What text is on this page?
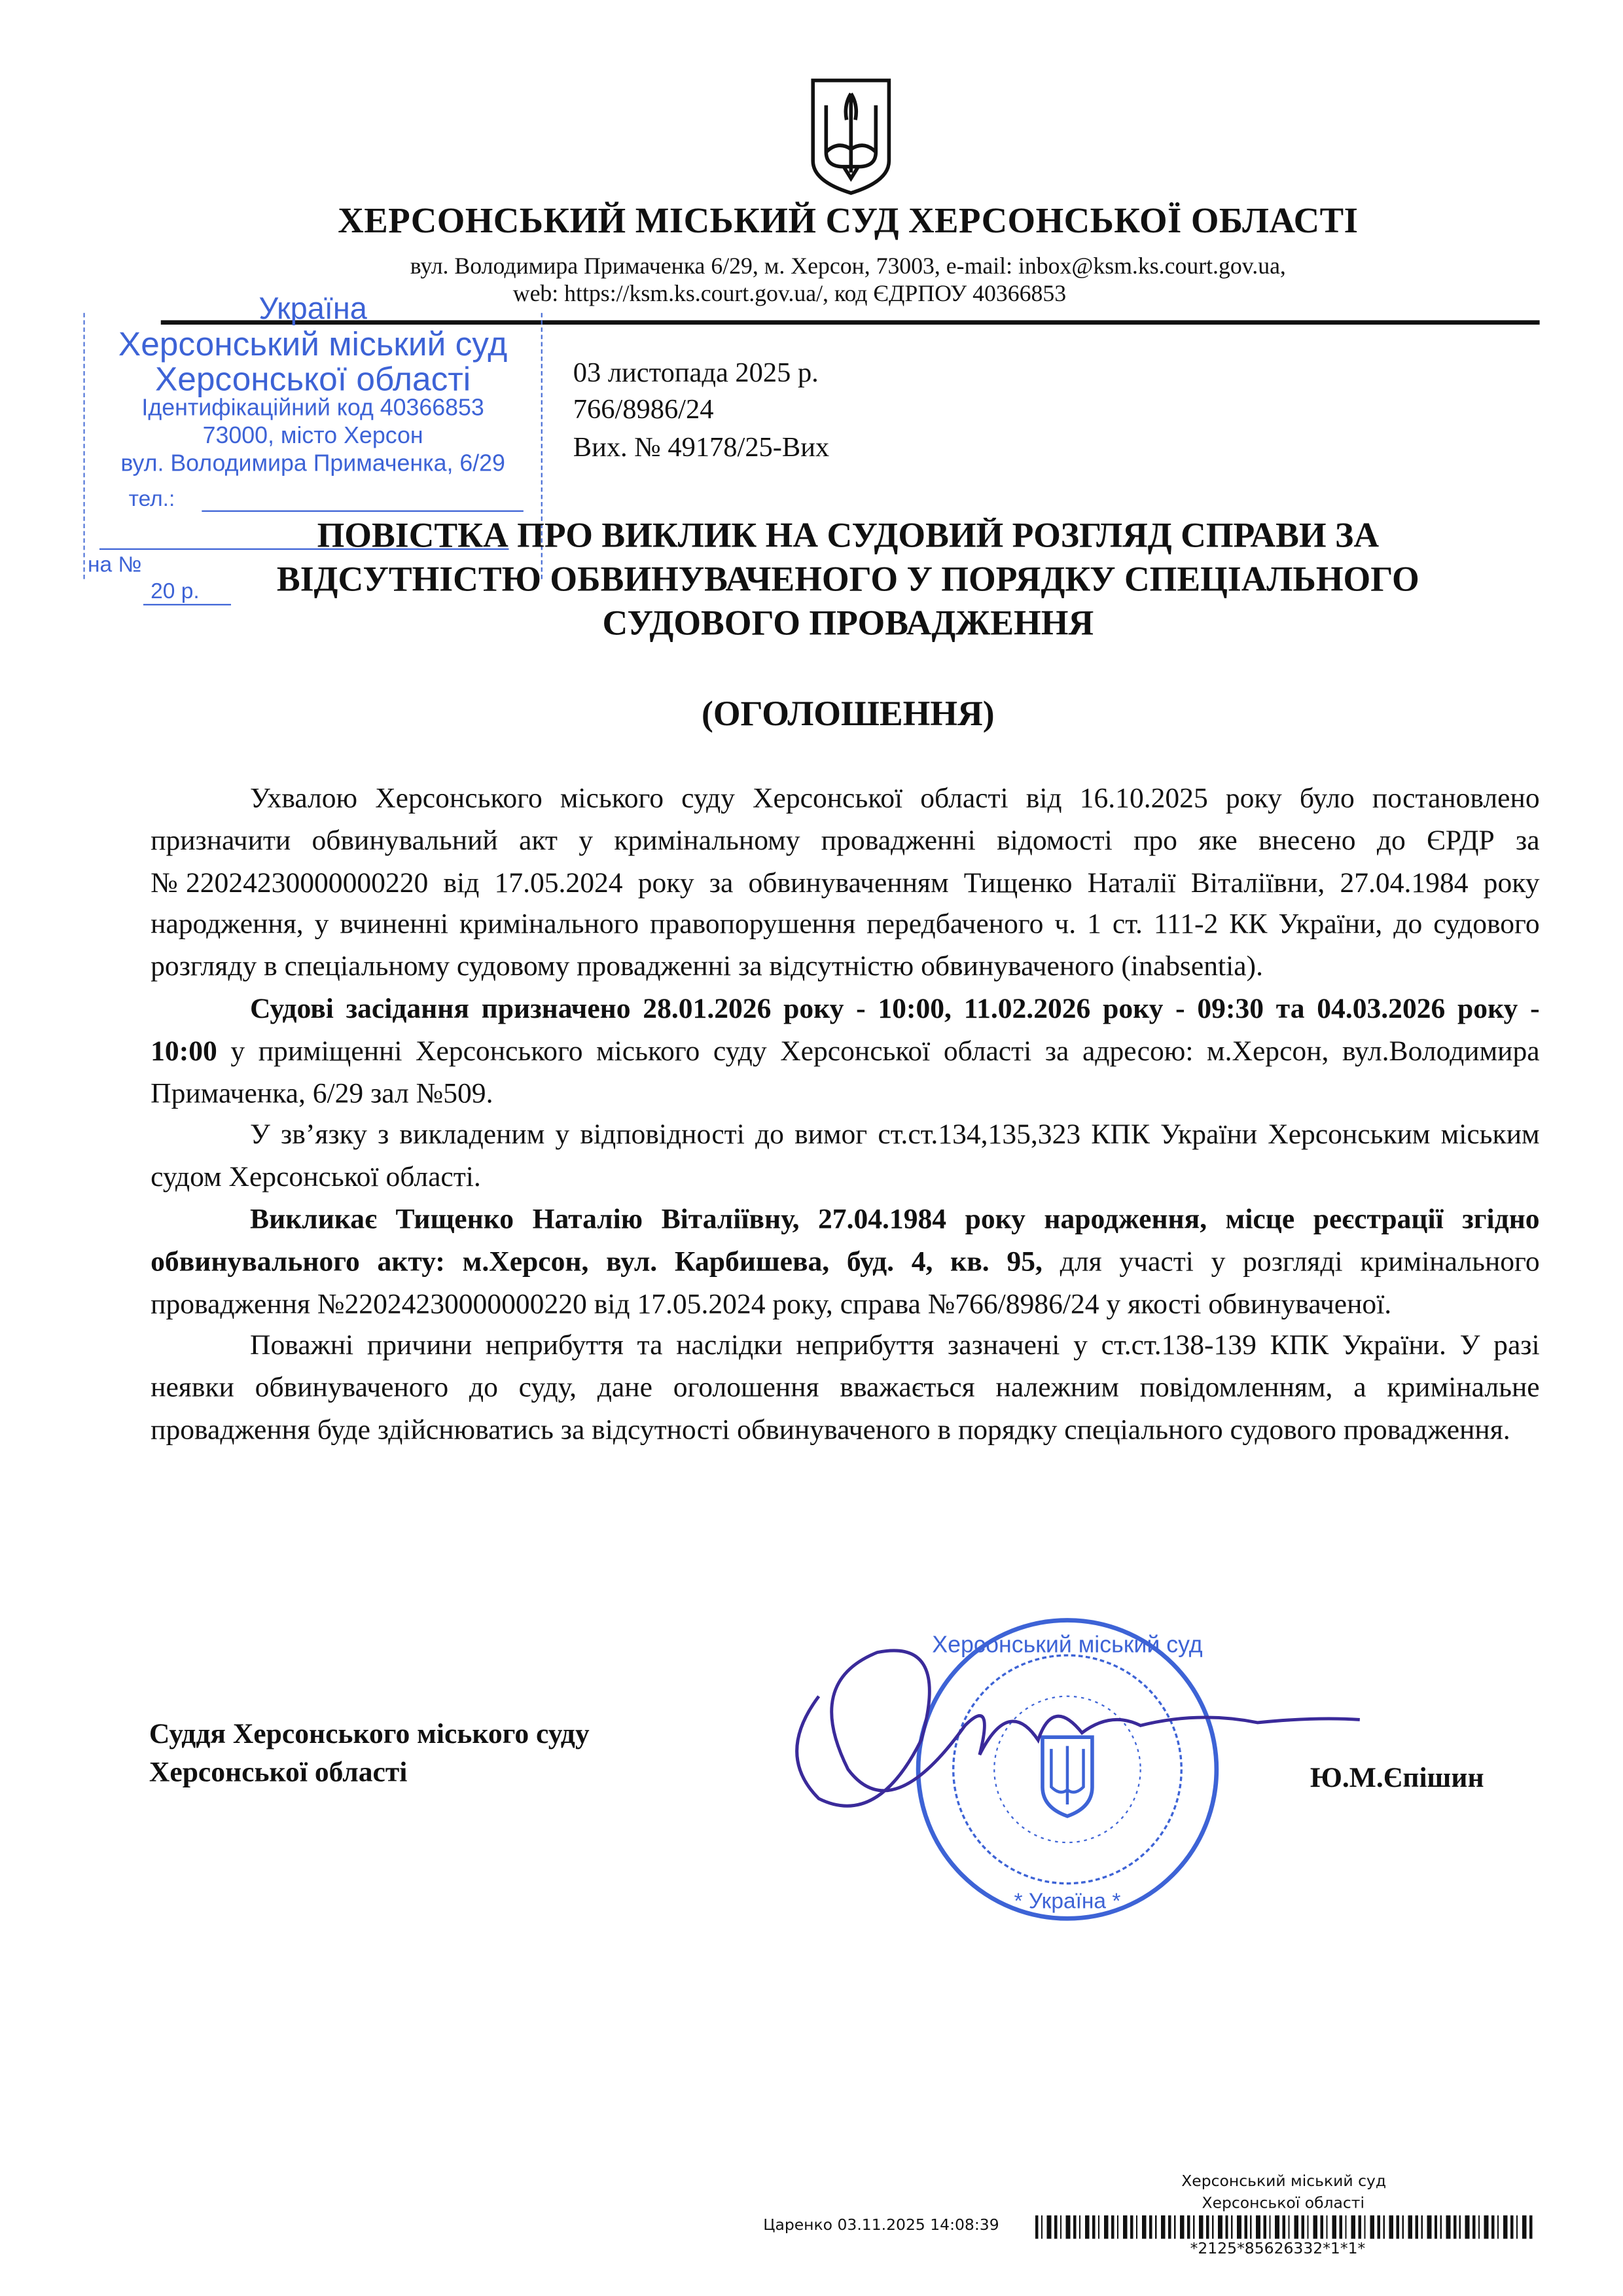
ХЕРСОНСЬКИЙ МІСЬКИЙ СУД ХЕРСОНСЬКОЇ ОБЛАСТІ
вул. Володимира Примаченка 6/29, м. Херсон, 73003, e-mail: inbox@ksm.ks.court.gov.ua,
web: https://ksm.ks.court.gov.ua/, код ЄДРПОУ 40366853
Україна
Херсонський міський суд
Херсонської області
Ідентифікаційний код 40366853
73000, місто Херсон
вул. Володимира Примаченка, 6/29
тел.:
на №
20 р.
03 листопада 2025 р.
766/8986/24
Вих. № 49178/25-Вих
ПОВІСТКА ПРО ВИКЛИК НА СУДОВИЙ РОЗГЛЯД СПРАВИ ЗА
ВІДСУТНІСТЮ ОБВИНУВАЧЕНОГО У ПОРЯДКУ СПЕЦІАЛЬНОГО
СУДОВОГО ПРОВАДЖЕННЯ
(ОГОЛОШЕННЯ)

Ухвалою Херсонського міського суду Херсонської області від 16.10.2025 року було постановлено призначити обвинувальний акт у кримінальному провадженні відомості про яке внесено до ЄРДР за №22024230000000220 від 17.05.2024 року за обвинуваченням Тищенко Наталії Віталіївни, 27.04.1984 року народження, у вчиненні кримінального правопорушення передбаченого ч. 1 ст. 111-2 КК України, до судового розгляду в спеціальному судовому провадженні за відсутністю обвинуваченого (inabsentia).

Судові засідання призначено 28.01.2026 року - 10:00, 11.02.2026 року - 09:30 та 04.03.2026 року - 10:00 у приміщенні Херсонського міського суду Херсонської області за адресою: м.Херсон, вул.Володимира Примаченка, 6/29 зал №509.

У зв’язку з викладеним у відповідності до вимог ст.ст.134,135,323 КПК України Херсонським міським судом Херсонської області.

Викликає Тищенко Наталію Віталіївну, 27.04.1984 року народження, місце реєстрації згідно обвинувального акту: м.Херсон, вул. Карбишева, буд. 4, кв. 95, для участі у розгляді кримінального провадження №22024230000000220 від 17.05.2024 року, справа №766/8986/24 у якості обвинуваченої.

Поважні причини неприбуття та наслідки неприбуття зазначені у ст.ст.138-139 КПК України. У разі неявки обвинуваченого до суду, дане оголошення вважається належним повідомленням, а кримінальне провадження буде здійснюватись за відсутності обвинуваченого в порядку спеціального судового провадження.

Суддя Херсонського міського суду
Херсонської області
Херсонський міський суд
* Україна *
Ю.М.Єпішин
Херсонський міський суд
Херсонської області
Царенко 03.11.2025 14:08:39
*2125*85626332*1*1*
